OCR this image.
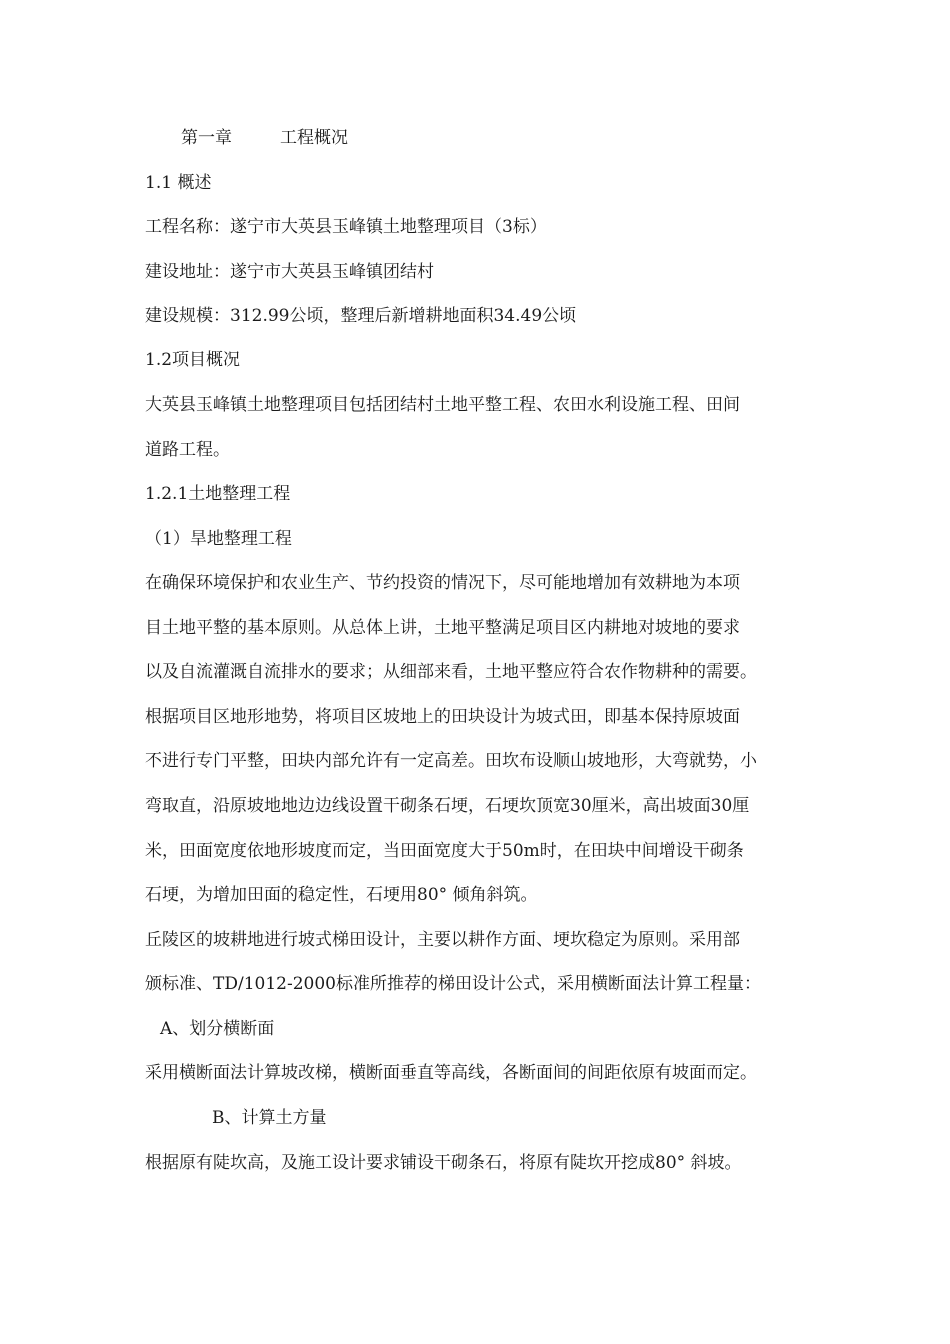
第一章	工程概况
1.1 概述
工程名称：遂宁市大英县玉峰镇土地整理项目（3标）
建设地址：遂宁市大英县玉峰镇团结村
建设规模：312.99公顷，整理后新增耕地面积34.49公顷
1.2项目概况
大英县玉峰镇土地整理项目包括团结村土地平整工程、农田水利设施工程、田间
道路工程。
1.2.1土地整理工程
（1）旱地整理工程
在确保环境保护和农业生产、节约投资的情况下，尽可能地增加有效耕地为本项
目土地平整的基本原则。从总体上讲，土地平整满足项目区内耕地对坡地的要求
以及自流灌溉自流排水的要求；从细部来看，土地平整应符合农作物耕种的需要。
根据项目区地形地势，将项目区坡地上的田块设计为坡式田，即基本保持原坡面
不进行专门平整，田块内部允许有一定高差。田坎布设顺山坡地形，大弯就势，小
弯取直，沿原坡地地边边线设置干砌条石埂，石埂坎顶宽30厘米，高出坡面30厘
米，田面宽度依地形坡度而定，当田面宽度大于50m时，在田块中间增设干砌条
石埂，为增加田面的稳定性，石埂用80° 倾角斜筑。
丘陵区的坡耕地进行坡式梯田设计，主要以耕作方面、埂坎稳定为原则。采用部
颁标准、TD/1012-2000标准所推荐的梯田设计公式，采用横断面法计算工程量：
A、划分横断面
采用横断面法计算坡改梯，横断面垂直等高线，各断面间的间距依原有坡面而定。
B、计算土方量
根据原有陡坎高，及施工设计要求铺设干砌条石，将原有陡坎开挖成80° 斜坡。
